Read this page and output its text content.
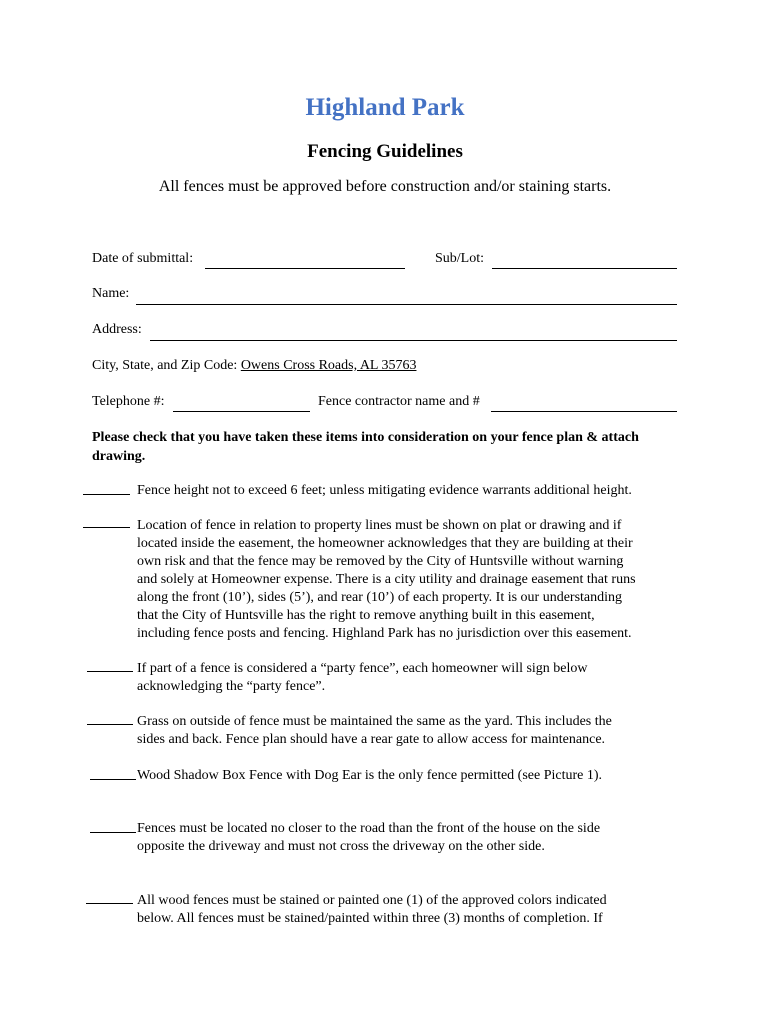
Highland Park
Fencing Guidelines
All fences must be approved before construction and/or staining starts.
Date of submittal:	Sub/Lot:
Name:
Address:
City, State, and Zip Code: Owens Cross Roads, AL 35763
Telephone #:	Fence contractor name and #
Please check that you have taken these items into consideration on your fence plan & attach drawing.
Fence height not to exceed 6 feet; unless mitigating evidence warrants additional height.
Location of fence in relation to property lines must be shown on plat or drawing and if
located inside the easement, the homeowner acknowledges that they are building at their
own risk and that the fence may be removed by the City of Huntsville without warning
and solely at Homeowner expense. There is a city utility and drainage easement that runs
along the front (10’), sides (5’), and rear (10’) of each property. It is our understanding
that the City of Huntsville has the right to remove anything built in this easement,
including fence posts and fencing. Highland Park has no jurisdiction over this easement.
If part of a fence is considered a “party fence”, each homeowner will sign below
acknowledging the “party fence”.
Grass on outside of fence must be maintained the same as the yard. This includes the
sides and back. Fence plan should have a rear gate to allow access for maintenance.
Wood Shadow Box Fence with Dog Ear is the only fence permitted (see Picture 1).
Fences must be located no closer to the road than the front of the house on the side
opposite the driveway and must not cross the driveway on the other side.
All wood fences must be stained or painted one (1) of the approved colors indicated
below. All fences must be stained/painted within three (3) months of completion. If
